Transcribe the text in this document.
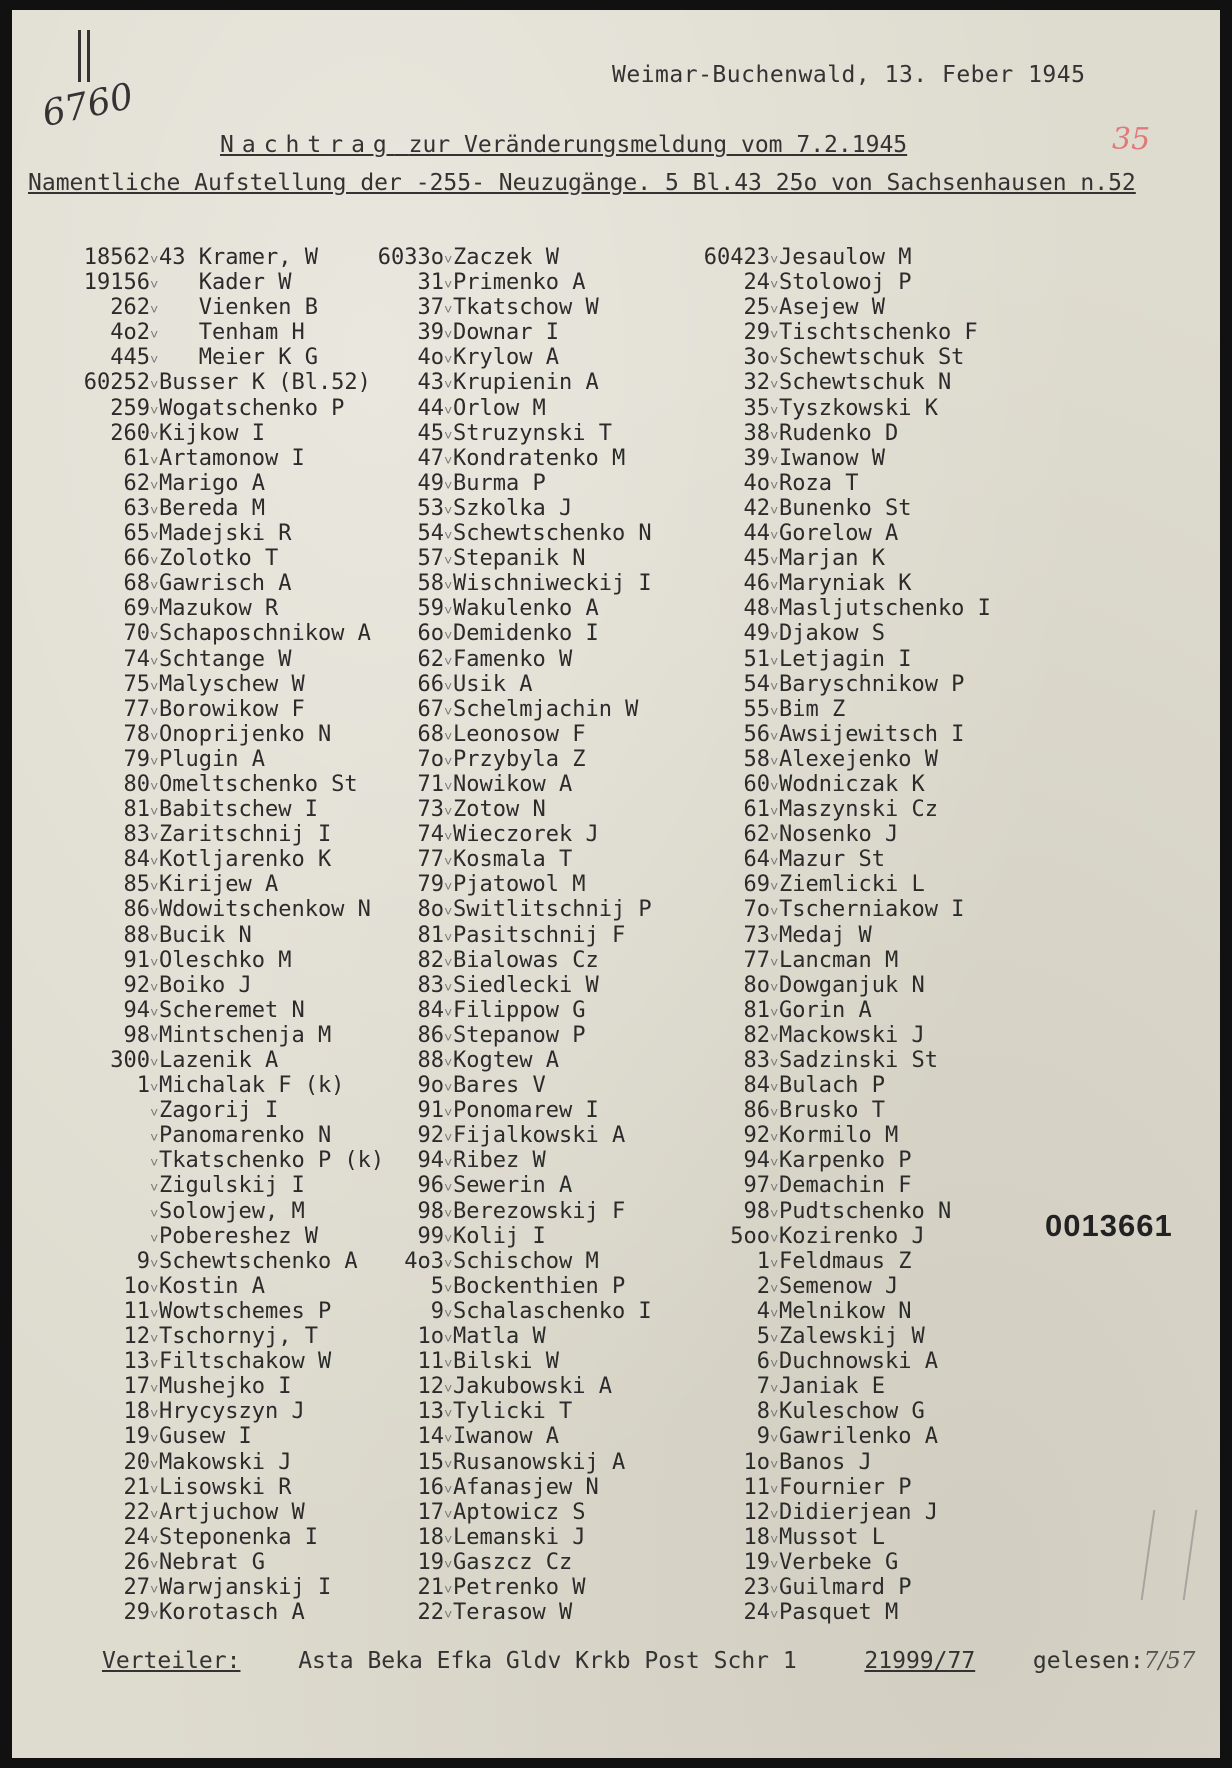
6760
35
Weimar-Buchenwald, 13. Feber 1945
Nachtrag zur Veränderungsmeldung vom 7.2.1945
Namentliche Aufstellung der -255- Neuzugänge. 5 Bl.43 25o von Sachsenhausen n.52
18562˅43 Kramer, W
19156˅   Kader W
262˅   Vienken B
4o2˅   Tenham H
445˅   Meier K G
60252˅Busser K (Bl.52)
259˅Wogatschenko P
260˅Kijkow I
61˅Artamonow I
62˅Marigo A
63˅Bereda M
65˅Madejski R
66˅Zolotko T
68˅Gawrisch A
69˅Mazukow R
70˅Schaposchnikow A
74˅Schtange W
75˅Malyschew W
77˅Borowikow F
78˅Onoprijenko N
79˅Plugin A
80˅Omeltschenko St
81˅Babitschew I
83˅Zaritschnij I
84˅Kotljarenko K
85˅Kirijew A
86˅Wdowitschenkow N
88˅Bucik N
91˅Oleschko M
92˅Boiko J
94˅Scheremet N
98˅Mintschenja M
300˅Lazenik A
1˅Michalak F (k)
˅Zagorij I
˅Panomarenko N
˅Tkatschenko P (k)
˅Zigulskij I
˅Solowjew, M
˅Pobereshez W
9˅Schewtschenko A
1o˅Kostin A
11˅Wowtschemes P
12˅Tschornyj, T
13˅Filtschakow W
17˅Mushejko I
18˅Hrycyszyn J
19˅Gusew I
20˅Makowski J
21˅Lisowski R
22˅Artjuchow W
24˅Steponenka I
26˅Nebrat G
27˅Warwjanskij I
29˅Korotasch A
6033o˅Zaczek W
31˅Primenko A
37˅Tkatschow W
39˅Downar I
4o˅Krylow A
43˅Krupienin A
44˅Orlow M
45˅Struzynski T
47˅Kondratenko M
49˅Burma P
53˅Szkolka J
54˅Schewtschenko N
57˅Stepanik N
58˅Wischniweckij I
59˅Wakulenko A
6o˅Demidenko I
62˅Famenko W
66˅Usik A
67˅Schelmjachin W
68˅Leonosow F
7o˅Przybyla Z
71˅Nowikow A
73˅Zotow N
74˅Wieczorek J
77˅Kosmala T
79˅Pjatowol M
8o˅Switlitschnij P
81˅Pasitschnij F
82˅Bialowas Cz
83˅Siedlecki W
84˅Filippow G
86˅Stepanow P
88˅Kogtew A
9o˅Bares V
91˅Ponomarew I
92˅Fijalkowski A
94˅Ribez W
96˅Sewerin A
98˅Berezowskij F
99˅Kolij I
4o3˅Schischow M
5˅Bockenthien P
9˅Schalaschenko I
1o˅Matla W
11˅Bilski W
12˅Jakubowski A
13˅Tylicki T
14˅Iwanow A
15˅Rusanowskij A
16˅Afanasjew N
17˅Aptowicz S
18˅Lemanski J
19˅Gaszcz Cz
21˅Petrenko W
22˅Terasow W
60423˅Jesaulow M
24˅Stolowoj P
25˅Asejew W
29˅Tischtschenko F
3o˅Schewtschuk St
32˅Schewtschuk N
35˅Tyszkowski K
38˅Rudenko D
39˅Iwanow W
4o˅Roza T
42˅Bunenko St
44˅Gorelow A
45˅Marjan K
46˅Maryniak K
48˅Masljutschenko I
49˅Djakow S
51˅Letjagin I
54˅Baryschnikow P
55˅Bim Z
56˅Awsijewitsch I
58˅Alexejenko W
60˅Wodniczak K
61˅Maszynski Cz
62˅Nosenko J
64˅Mazur St
69˅Ziemlicki L
7o˅Tscherniakow I
73˅Medaj W
77˅Lancman M
8o˅Dowganjuk N
81˅Gorin A
82˅Mackowski J
83˅Sadzinski St
84˅Bulach P
86˅Brusko T
92˅Kormilo M
94˅Karpenko P
97˅Demachin F
98˅Pudtschenko N
5oo˅Kozirenko J
1˅Feldmaus Z
2˅Semenow J
4˅Melnikow N
5˅Zalewskij W
6˅Duchnowski A
7˅Janiak E
8˅Kuleschow G
9˅Gawrilenko A
1o˅Banos J
11˅Fournier P
12˅Didierjean J
18˅Mussot L
19˅Verbeke G
23˅Guilmard P
24˅Pasquet M
0013661
Verteiler:	Asta Beka Efka Gldv Krkb Post Schr 1	21999/77	gelesen:7/57
